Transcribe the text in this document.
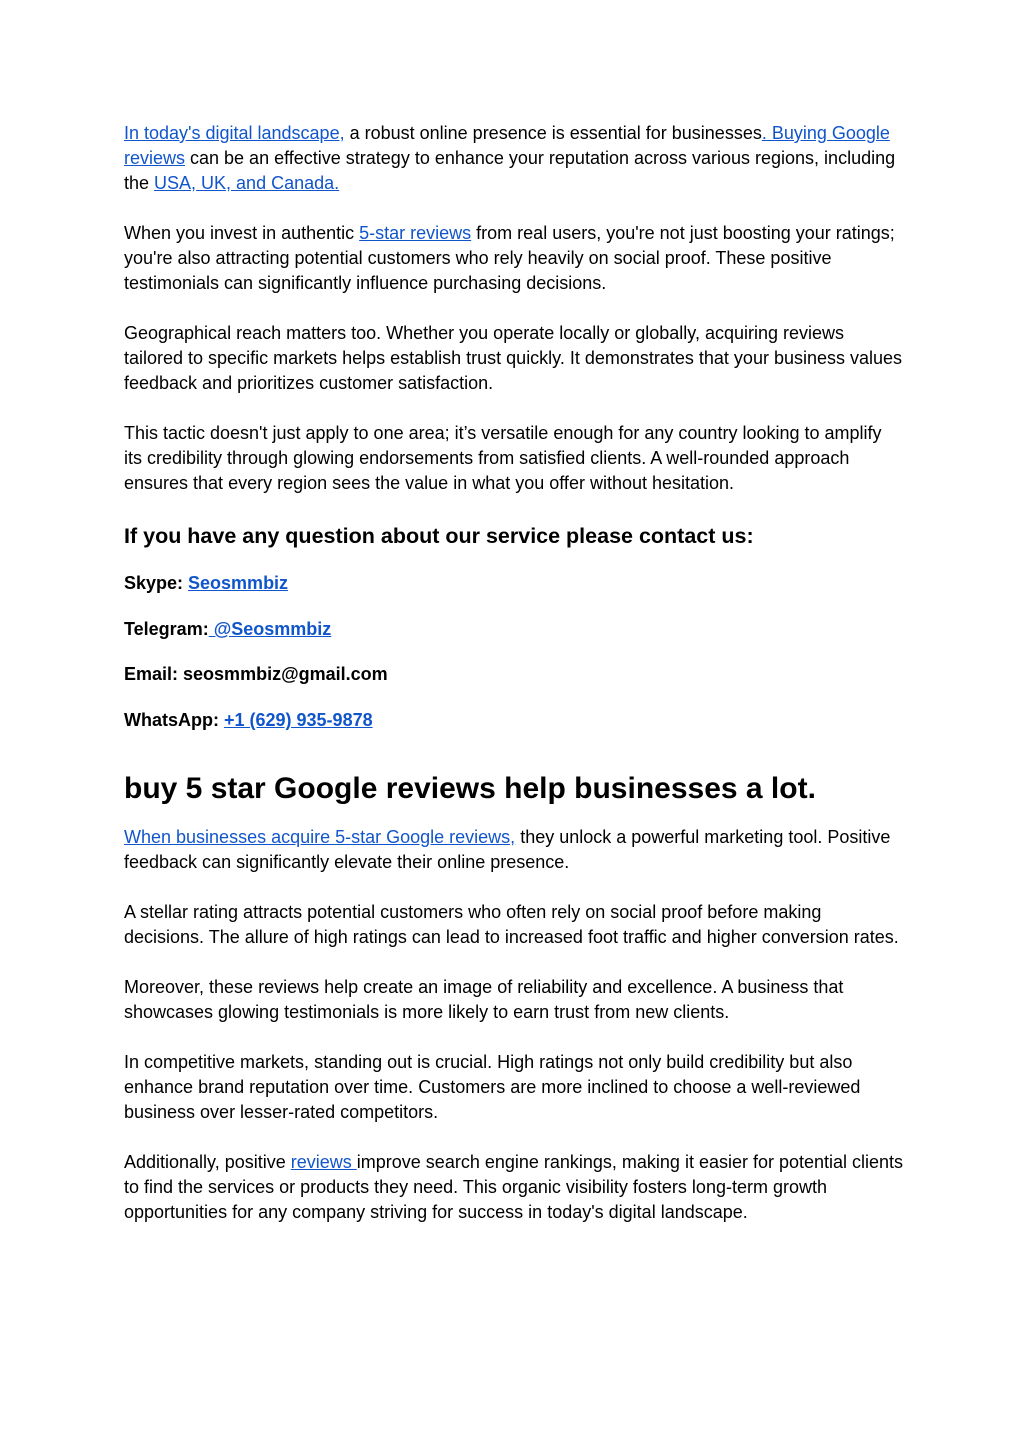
In today's digital landscape, a robust online presence is essential for businesses. Buying Google reviews can be an effective strategy to enhance your reputation across various regions, including the USA, UK, and Canada.

When you invest in authentic 5-star reviews from real users, you're not just boosting your ratings; you're also attracting potential customers who rely heavily on social proof. These positive testimonials can significantly influence purchasing decisions.

Geographical reach matters too. Whether you operate locally or globally, acquiring reviews tailored to specific markets helps establish trust quickly. It demonstrates that your business values feedback and prioritizes customer satisfaction.

This tactic doesn't just apply to one area; it’s versatile enough for any country looking to amplify its credibility through glowing endorsements from satisfied clients. A well-rounded approach ensures that every region sees the value in what you offer without hesitation.

If you have any question about our service please contact us:

Skype: Seosmmbiz

Telegram: @Seosmmbiz

Email: seosmmbiz@gmail.com

WhatsApp: +1 (629) 935-9878

buy 5 star Google reviews help businesses a lot.

When businesses acquire 5-star Google reviews, they unlock a powerful marketing tool. Positive feedback can significantly elevate their online presence.

A stellar rating attracts potential customers who often rely on social proof before making decisions. The allure of high ratings can lead to increased foot traffic and higher conversion rates.

Moreover, these reviews help create an image of reliability and excellence. A business that showcases glowing testimonials is more likely to earn trust from new clients.

In competitive markets, standing out is crucial. High ratings not only build credibility but also enhance brand reputation over time. Customers are more inclined to choose a well-reviewed business over lesser-rated competitors.

Additionally, positive reviews improve search engine rankings, making it easier for potential clients to find the services or products they need. This organic visibility fosters long-term growth opportunities for any company striving for success in today's digital landscape.
